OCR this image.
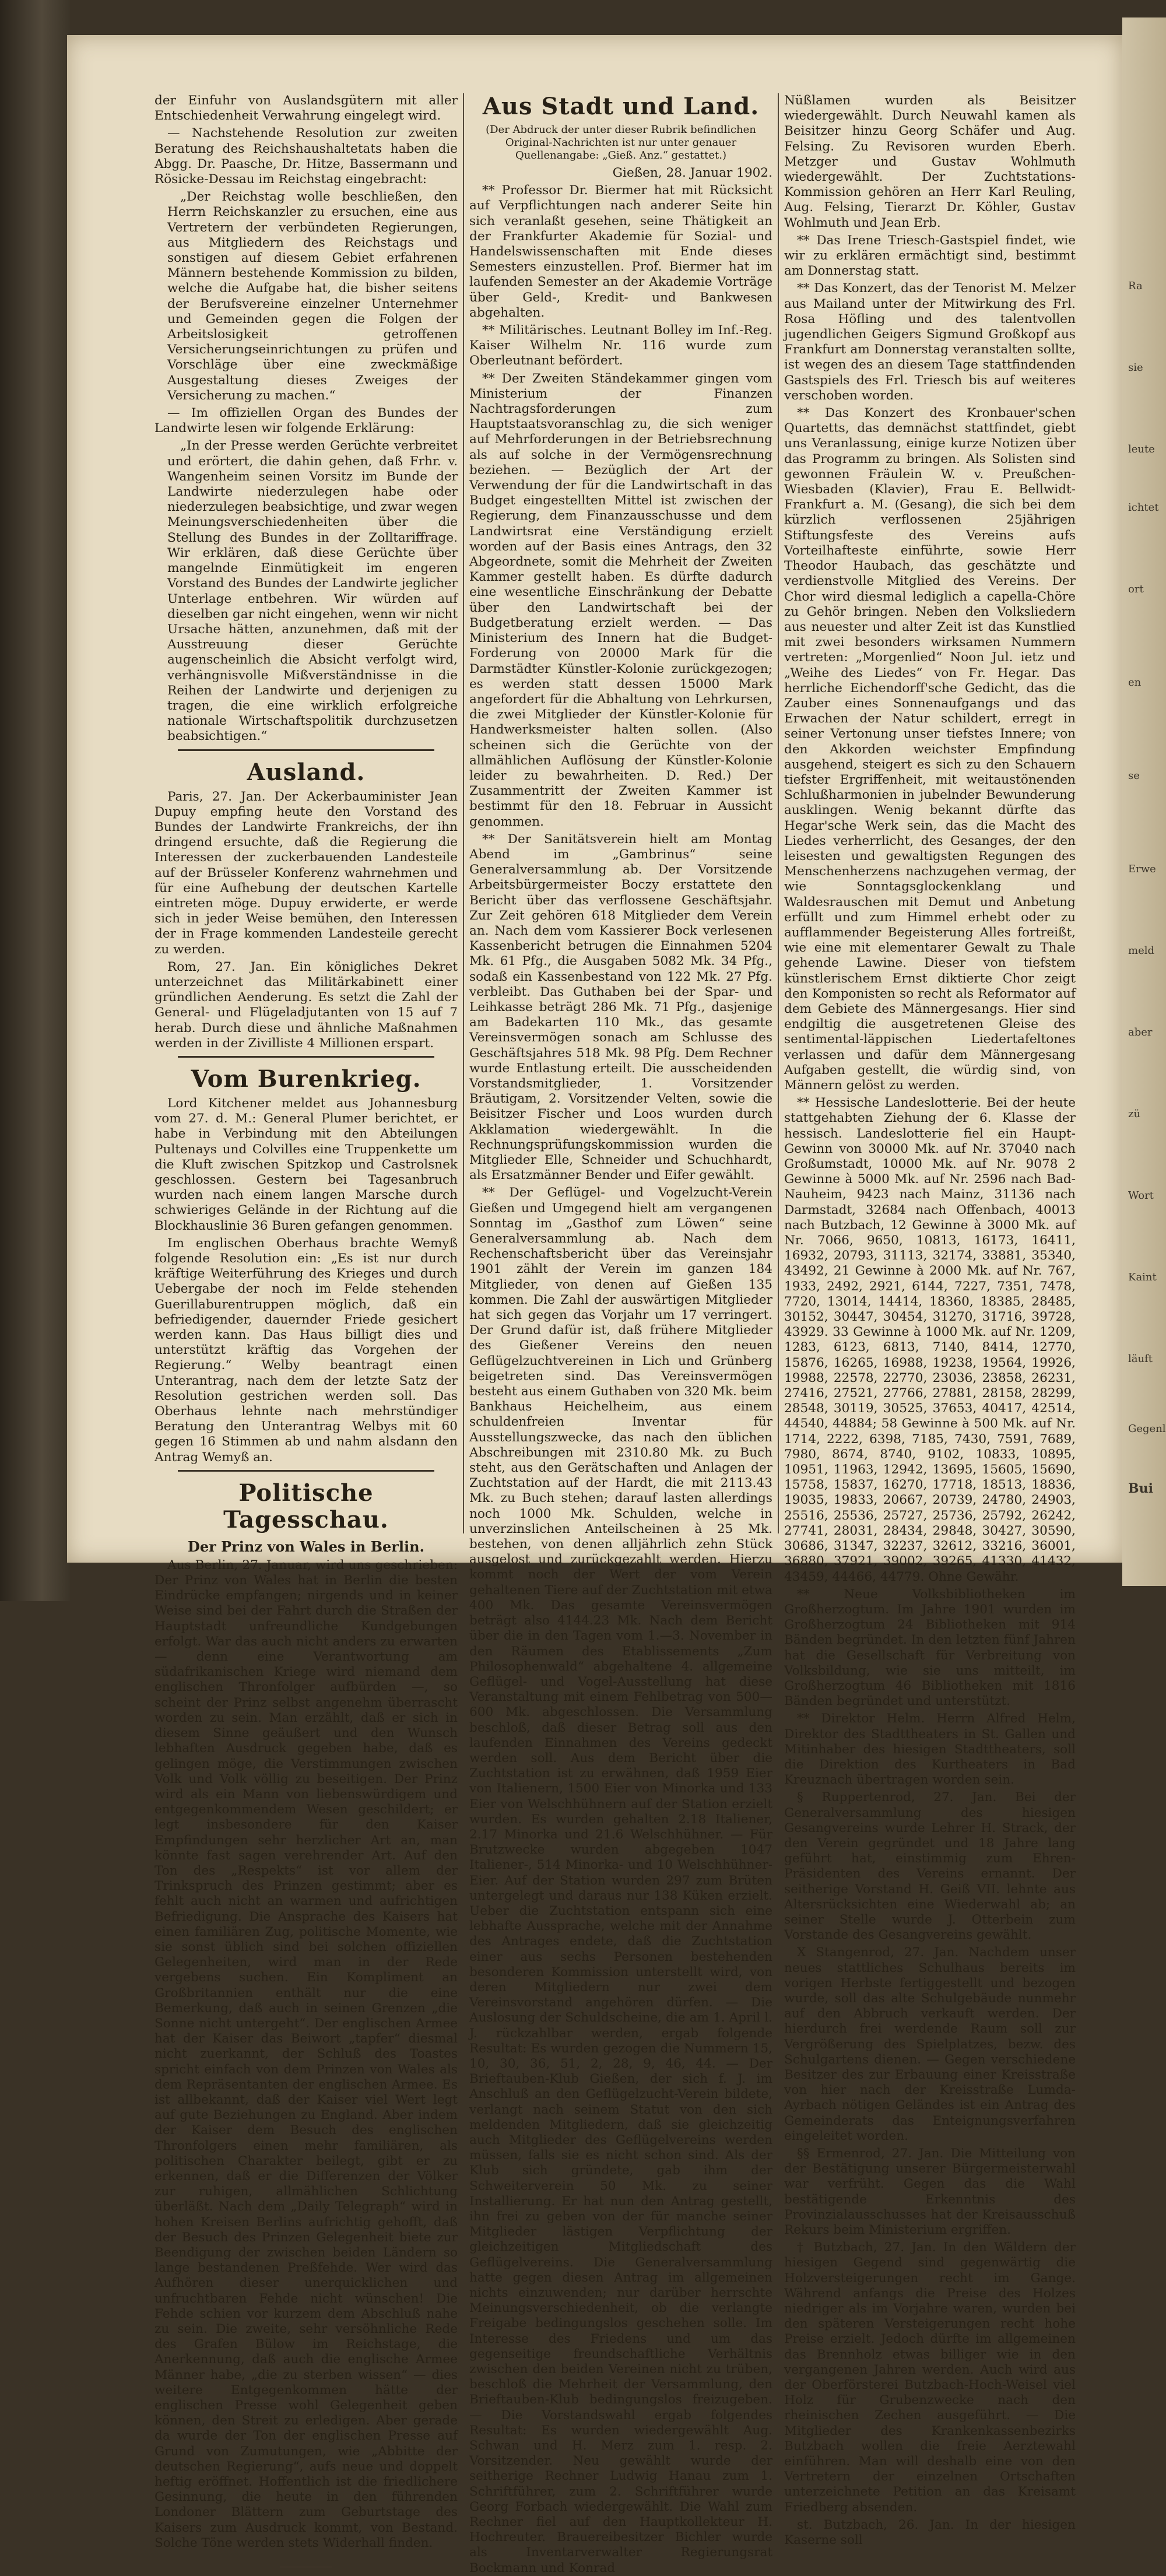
der Einfuhr von Auslandsgütern mit aller Entschiedenheit Verwahrung eingelegt wird.

— Nachstehende Resolution zur zweiten Beratung des Reichshaushaltetats haben die Abgg. Dr. Paasche, Dr. Hitze, Bassermann und Rösicke-Dessau im Reichstag eingebracht:

„Der Reichstag wolle beschließen, den Herrn Reichskanzler zu ersuchen, eine aus Vertretern der verbündeten Regierungen, aus Mitgliedern des Reichstags und sonstigen auf diesem Gebiet erfahrenen Männern bestehende Kommission zu bilden, welche die Aufgabe hat, die bisher seitens der Berufsvereine einzelner Unternehmer und Gemeinden gegen die Folgen der Arbeitslosigkeit getroffenen Versicherungseinrichtungen zu prüfen und Vorschläge über eine zweckmäßige Ausgestaltung dieses Zweiges der Versicherung zu machen.“

— Im offiziellen Organ des Bundes der Landwirte lesen wir folgende Erklärung:

„In der Presse werden Gerüchte verbreitet und erörtert, die dahin gehen, daß Frhr. v. Wangenheim seinen Vorsitz im Bunde der Landwirte niederzulegen habe oder niederzulegen beabsichtige, und zwar wegen Meinungsverschiedenheiten über die Stellung des Bundes in der Zolltariffrage. Wir erklären, daß diese Gerüchte über mangelnde Einmütigkeit im engeren Vorstand des Bundes der Landwirte jeglicher Unterlage entbehren. Wir würden auf dieselben gar nicht eingehen, wenn wir nicht Ursache hätten, anzunehmen, daß mit der Ausstreuung dieser Gerüchte augenscheinlich die Absicht verfolgt wird, verhängnisvolle Mißverständnisse in die Reihen der Landwirte und derjenigen zu tragen, die eine wirklich erfolgreiche nationale Wirtschaftspolitik durchzusetzen beabsichtigen.“

Ausland.

Paris, 27. Jan. Der Ackerbauminister Jean Dupuy empfing heute den Vorstand des Bundes der Landwirte Frankreichs, der ihn dringend ersuchte, daß die Regierung die Interessen der zuckerbauenden Landesteile auf der Brüsseler Konferenz wahrnehmen und für eine Aufhebung der deutschen Kartelle eintreten möge. Dupuy erwiderte, er werde sich in jeder Weise bemühen, den Interessen der in Frage kommenden Landesteile gerecht zu werden.

Rom, 27. Jan. Ein königliches Dekret unterzeichnet das Militärkabinett einer gründlichen Aenderung. Es setzt die Zahl der General- und Flügeladjutanten von 15 auf 7 herab. Durch diese und ähnliche Maßnahmen werden in der Zivilliste 4 Millionen erspart.

Vom Burenkrieg.

Lord Kitchener meldet aus Johannesburg vom 27. d. M.: General Plumer berichtet, er habe in Verbindung mit den Abteilungen Pultenays und Colvilles eine Truppenkette um die Kluft zwischen Spitzkop und Castrolsnek geschlossen. Gestern bei Tagesanbruch wurden nach einem langen Marsche durch schwieriges Gelände in der Richtung auf die Blockhauslinie 36 Buren gefangen genommen.

Im englischen Oberhaus brachte Wemyß folgende Resolution ein: „Es ist nur durch kräftige Weiterführung des Krieges und durch Uebergabe der noch im Felde stehenden Guerillaburentruppen möglich, daß ein befriedigender, dauernder Friede gesichert werden kann. Das Haus billigt dies und unterstützt kräftig das Vorgehen der Regierung.“ Welby beantragt einen Unterantrag, nach dem der letzte Satz der Resolution gestrichen werden soll. Das Oberhaus lehnte nach mehrstündiger Beratung den Unterantrag Welbys mit 60 gegen 16 Stimmen ab und nahm alsdann den Antrag Wemyß an.

Politische Tagesschau.
Der Prinz von Wales in Berlin.

Aus Berlin, 27. Januar, wird uns geschrieben: Der Prinz von Wales hat in Berlin die besten Eindrücke empfangen; nirgends und in keiner Weise sind bei der Fahrt durch die Straßen der Hauptstadt unfreundliche Kundgebungen erfolgt. War das auch nicht anders zu erwarten — denn eine Verantwortung am südafrikanischen Kriege wird niemand dem englischen Thronfolger aufbürden —, so scheint der Prinz selbst angenehm überrascht worden zu sein. Man erzählt, daß er sich in diesem Sinne geäußert und den Wunsch lebhaften Ausdruck gegeben habe, daß es gelingen möge, die Verstimmungen zwischen Volk und Volk völlig zu beseitigen. Der Prinz wird als ein Mann von liebenswürdigem und entgegenkommendem Wesen geschildert; er legt insbesondere für den Kaiser Empfindungen sehr herzlicher Art an, man könnte fast sagen verehrender Art. Auf den Ton des „Respekts“ ist vor allem der Trinkspruch des Prinzen gestimmt; aber es fehlt auch nicht an warmen und aufrichtigen Befriedigung. Die Ansprache des Kaisers hat einen familiären Zug, politische Momente, wie sie sonst üblich sind bei solchen offiziellen Gelegenheiten, wird man in der Rede vergebens suchen. Ein Kompliment an Großbritannien enthält nur die eine Bemerkung, daß auch in seinen Grenzen „die Sonne nicht untergeht“. Der englischen Armee hat der Kaiser das Beiwort „tapfer“ diesmal nicht zuerkannt, der Schluß des Toastes spricht einfach von dem Prinzen von Wales als dem Repräsentanten der englischen Armee. Es ist allbekannt, daß der Kaiser viel Wert legt auf gute Beziehungen zu England. Aber indem der Kaiser dem Besuch des englischen Thronfolgers einen mehr familiären, als politischen Charakter beilegt, gibt er zu erkennen, daß er die Differenzen der Völker zur ruhigen, allmählichen Schlichtung überläßt. Nach dem „Daily Telegraph“ wird in hohen Kreisen Berlins aufrichtig gehofft, daß der Besuch des Prinzen Gelegenheit biete zur Beendigung der zwischen beiden Ländern so lange bestandenen Preßfehde. Wer wird das Aufhören dieser unerquicklichen und unfruchtbaren Fehde nicht wünschen! Die Fehde schien vor kurzem dem Abschluß nahe zu sein. Die zweite, sehr versöhnliche Rede des Grafen Bülow im Reichstage, die Anerkennung, daß auch die englische Armee Männer habe, „die zu sterben wissen“ — dies weitere Entgegenkommen hätte der englischen Presse wohl Gelegenheit geben können, den Streit zu erledigen. Aber gerade da wurde der Ton der englischen Presse auf Grund von Zumutungen, wie „Abbitte der deutschen Regierung“, aufs neue und doppelt heftig eröffnet. Hoffentlich ist die friedlichere Gesinnung, die heute in den führenden Londoner Blättern zum Geburtstage des Kaisers zum Ausdruck kommt, von Bestand. Solche Töne werden stets Widerhall finden.

Aus Stadt und Land.
(Der Abdruck der unter dieser Rubrik befindlichen Original-Nachrichten ist nur unter genauer Quellenangabe: „Gieß. Anz.“ gestattet.)

Gießen, 28. Januar 1902.

** Professor Dr. Biermer hat mit Rücksicht auf Verpflichtungen nach anderer Seite hin sich veranlaßt gesehen, seine Thätigkeit an der Frankfurter Akademie für Sozial- und Handelswissenschaften mit Ende dieses Semesters einzustellen. Prof. Biermer hat im laufenden Semester an der Akademie Vorträge über Geld-, Kredit- und Bankwesen abgehalten.

** Militärisches. Leutnant Bolley im Inf.-Reg. Kaiser Wilhelm Nr. 116 wurde zum Oberleutnant befördert.

** Der Zweiten Ständekammer gingen vom Ministerium der Finanzen Nachtragsforderungen zum Hauptstaatsvoranschlag zu, die sich weniger auf Mehrforderungen in der Betriebsrechnung als auf solche in der Vermögensrechnung beziehen. — Bezüglich der Art der Verwendung der für die Landwirtschaft in das Budget eingestellten Mittel ist zwischen der Regierung, dem Finanzausschusse und dem Landwirtsrat eine Verständigung erzielt worden auf der Basis eines Antrags, den 32 Abgeordnete, somit die Mehrheit der Zweiten Kammer gestellt haben. Es dürfte dadurch eine wesentliche Einschränkung der Debatte über den Landwirtschaft bei der Budgetberatung erzielt werden. — Das Ministerium des Innern hat die Budget-Forderung von 20000 Mark für die Darmstädter Künstler-Kolonie zurückgezogen; es werden statt dessen 15000 Mark angefordert für die Abhaltung von Lehrkursen, die zwei Mitglieder der Künstler-Kolonie für Handwerksmeister halten sollen. (Also scheinen sich die Gerüchte von der allmählichen Auflösung der Künstler-Kolonie leider zu bewahrheiten. D. Red.) Der Zusammentritt der Zweiten Kammer ist bestimmt für den 18. Februar in Aussicht genommen.

** Der Sanitätsverein hielt am Montag Abend im „Gambrinus“ seine Generalversammlung ab. Der Vorsitzende Arbeitsbürgermeister Boczy erstattete den Bericht über das verflossene Geschäftsjahr. Zur Zeit gehören 618 Mitglieder dem Verein an. Nach dem vom Kassierer Bock verlesenen Kassenbericht betrugen die Einnahmen 5204 Mk. 61 Pfg., die Ausgaben 5082 Mk. 34 Pfg., sodaß ein Kassenbestand von 122 Mk. 27 Pfg. verbleibt. Das Guthaben bei der Spar- und Leihkasse beträgt 286 Mk. 71 Pfg., dasjenige am Badekarten 110 Mk., das gesamte Vereinsvermögen sonach am Schlusse des Geschäftsjahres 518 Mk. 98 Pfg. Dem Rechner wurde Entlastung erteilt. Die ausscheidenden Vorstandsmitglieder, 1. Vorsitzender Bräutigam, 2. Vorsitzender Velten, sowie die Beisitzer Fischer und Loos wurden durch Akklamation wiedergewählt. In die Rechnungsprüfungskommission wurden die Mitglieder Elle, Schneider und Schuchhardt, als Ersatzmänner Bender und Eifer gewählt.

** Der Geflügel- und Vogelzucht-Verein Gießen und Umgegend hielt am vergangenen Sonntag im „Gasthof zum Löwen“ seine Generalversammlung ab. Nach dem Rechenschaftsbericht über das Vereinsjahr 1901 zählt der Verein im ganzen 184 Mitglieder, von denen auf Gießen 135 kommen. Die Zahl der auswärtigen Mitglieder hat sich gegen das Vorjahr um 17 verringert. Der Grund dafür ist, daß frühere Mitglieder des Gießener Vereins den neuen Geflügelzuchtvereinen in Lich und Grünberg beigetreten sind. Das Vereinsvermögen besteht aus einem Guthaben von 320 Mk. beim Bankhaus Heichelheim, aus einem schuldenfreien Inventar für Ausstellungszwecke, das nach den üblichen Abschreibungen mit 2310.80 Mk. zu Buch steht, aus den Gerätschaften und Anlagen der Zuchtstation auf der Hardt, die mit 2113.43 Mk. zu Buch stehen; darauf lasten allerdings noch 1000 Mk. Schulden, welche in unverzinslichen Anteilscheinen à 25 Mk. bestehen, von denen alljährlich zehn Stück ausgelost und zurückgezahlt werden. Hierzu kommt noch der Wert der vom Verein gehaltenen Tiere auf der Zuchtstation mit etwa 400 Mk. Das gesamte Vereinsvermögen beträgt also 4144.23 Mk. Nach dem Bericht über die in den Tagen vom 1.—3. November in den Räumen des Etablissements „Zum Philosophenwald“ abgehaltene 4. allgemeine Geflügel- und Vogel-Ausstellung hat diese Veranstaltung mit einem Fehlbetrag von 500—600 Mk. abgeschlossen. Die Versammlung beschloß, daß dieser Betrag soll aus den laufenden Einnahmen des Vereins gedeckt werden soll. Aus dem Bericht über die Zuchtstation ist zu erwähnen, daß 1959 Eier von Italienern, 1500 Eier von Minorka und 133 Eier von Welschhühnern auf der Station erzielt wurden. Es wurden gehalten 2.18 Italiener, 2.17 Minorka und 21.6 Welschhühner. — Für Brutzwecke wurden abgegeben 1047 Italiener-, 514 Minorka- und 10 Welschhühner-Eier. Auf der Station wurden 297 zum Brüten untergelegt und daraus nur 138 Küken erzielt. Ueber die Zuchtstation entspann sich eine lebhafte Aussprache, welche mit der Annahme des Antrages endete, daß die Zuchtstation einer aus sechs Personen bestehenden besonderen Kommission unterstellt wird, von deren Mitgliedern nur zwei dem Vereinsvorstand angehören dürfen. — Die Auslosung der Schuldscheine, die am 1. April l. J. rückzahlbar werden, ergab folgende Resultat: Es wurden gezogen die Nummern 15, 10, 30, 36, 51, 2, 28, 9, 46, 44. — Der Brieftauben-Klub Gießen, der sich f. J. im Anschluß an den Geflügelzucht-Verein bildete, verlangt nach seinem Statut von den sich meldenden Mitgliedern, daß sie gleichzeitig auch Mitglieder des Geflügelvereins werden müssen, falls sie es nicht schon sind. Als der Klub sich gründete, gab ihm der Schweiterverein 50 Mk. zu seiner Installierung. Er hat nun den Antrag gestellt, ihn frei zu geben von der für manche seiner Mitglieder lästigen Verpflichtung der gleichzeitigen Mitgliedschaft des Geflügelvereins. Die Generalversammlung hatte gegen diesen Antrag im allgemeinen nichts einzuwenden; nur darüber herrschte Meinungsverschiedenheit, ob die verlangte Freigabe bedingungslos geschehen solle. Im Interesse des Friedens und um das gegenseitige freundschaftliche Verhältnis zwischen den beiden Vereinen nicht zu trüben, beschloß die Mehrheit der Versammlung, den Brieftauben-Klub bedingungslos freizugeben. — Die Vorstandswahl ergab folgendes Resultat: Es wurden wiedergewählt Aug. Schwan und H. Merz zum 1. resp. 2. Vorsitzender. Neu gewählt wurde der seitherige Rechner Ludwig Hanau zum 1. Schriftführer, zum 2. Schriftführer wurde Georg Forbach wiedergewählt. Die Wahl zum Rechner fiel auf den Hauptkollekteur H. Hochreuter. Brauereibesitzer Bichler wurde als Inventarverwalter Regierungsrat Bockmann und Konrad

Nüßlamen wurden als Beisitzer wiedergewählt. Durch Neuwahl kamen als Beisitzer hinzu Georg Schäfer und Aug. Felsing. Zu Revisoren wurden Eberh. Metzger und Gustav Wohlmuth wiedergewählt. Der Zuchtstations-Kommission gehören an Herr Karl Reuling, Aug. Felsing, Tierarzt Dr. Köhler, Gustav Wohlmuth und Jean Erb.

** Das Irene Triesch-Gastspiel findet, wie wir zu erklären ermächtigt sind, bestimmt am Donnerstag statt.

** Das Konzert, das der Tenorist M. Melzer aus Mailand unter der Mitwirkung des Frl. Rosa Höfling und des talentvollen jugendlichen Geigers Sigmund Großkopf aus Frankfurt am Donnerstag veranstalten sollte, ist wegen des an diesem Tage stattfindenden Gastspiels des Frl. Triesch bis auf weiteres verschoben worden.

** Das Konzert des Kronbauer'schen Quartetts, das demnächst stattfindet, giebt uns Veranlassung, einige kurze Notizen über das Programm zu bringen. Als Solisten sind gewonnen Fräulein W. v. Preußchen-Wiesbaden (Klavier), Frau E. Bellwidt-Frankfurt a. M. (Gesang), die sich bei dem kürzlich verflossenen 25jährigen Stiftungsfeste des Vereins aufs Vorteilhafteste einführte, sowie Herr Theodor Haubach, das geschätzte und verdienstvolle Mitglied des Vereins. Der Chor wird diesmal lediglich a capella-Chöre zu Gehör bringen. Neben den Volksliedern aus neuester und alter Zeit ist das Kunstlied mit zwei besonders wirksamen Nummern vertreten: „Morgenlied“ Noon Jul. ietz und „Weihe des Liedes“ von Fr. Hegar. Das herrliche Eichendorff'sche Gedicht, das die Zauber eines Sonnenaufgangs und das Erwachen der Natur schildert, erregt in seiner Vertonung unser tiefstes Innere; von den Akkorden weichster Empfindung ausgehend, steigert es sich zu den Schauern tiefster Ergriffenheit, mit weitaustönenden Schlußharmonien in jubelnder Bewunderung ausklingen. Wenig bekannt dürfte das Hegar'sche Werk sein, das die Macht des Liedes verherrlicht, des Gesanges, der den leisesten und gewaltigsten Regungen des Menschenherzens nachzugehen vermag, der wie Sonntagsglockenklang und Waldesrauschen mit Demut und Anbetung erfüllt und zum Himmel erhebt oder zu aufflammender Begeisterung Alles fortreißt, wie eine mit elementarer Gewalt zu Thale gehende Lawine. Dieser von tiefstem künstlerischem Ernst diktierte Chor zeigt den Komponisten so recht als Reformator auf dem Gebiete des Männergesangs. Hier sind endgiltig die ausgetretenen Gleise des sentimental-läppischen Liedertafeltones verlassen und dafür dem Männergesang Aufgaben gestellt, die würdig sind, von Männern gelöst zu werden.

** Hessische Landeslotterie. Bei der heute stattgehabten Ziehung der 6. Klasse der hessisch. Landeslotterie fiel ein Haupt-Gewinn von 30000 Mk. auf Nr. 37040 nach Großumstadt, 10000 Mk. auf Nr. 9078 2 Gewinne à 5000 Mk. auf Nr. 2596 nach Bad-Nauheim, 9423 nach Mainz, 31136 nach Darmstadt, 32684 nach Offenbach, 40013 nach Butzbach, 12 Gewinne à 3000 Mk. auf Nr. 7066, 9650, 10813, 16173, 16411, 16932, 20793, 31113, 32174, 33881, 35340, 43492, 21 Gewinne à 2000 Mk. auf Nr. 767, 1933, 2492, 2921, 6144, 7227, 7351, 7478, 7720, 13014, 14414, 18360, 18385, 28485, 30152, 30447, 30454, 31270, 31716, 39728, 43929. 33 Gewinne à 1000 Mk. auf Nr. 1209, 1283, 6123, 6813, 7140, 8414, 12770, 15876, 16265, 16988, 19238, 19564, 19926, 19988, 22578, 22770, 23036, 23858, 26231, 27416, 27521, 27766, 27881, 28158, 28299, 28548, 30119, 30525, 37653, 40417, 42514, 44540, 44884; 58 Gewinne à 500 Mk. auf Nr. 1714, 2222, 6398, 7185, 7430, 7591, 7689, 7980, 8674, 8740, 9102, 10833, 10895, 10951, 11963, 12942, 13695, 15605, 15690, 15758, 15837, 16270, 17718, 18513, 18836, 19035, 19833, 20667, 20739, 24780, 24903, 25516, 25536, 25727, 25736, 25792, 26242, 27741, 28031, 28434, 29848, 30427, 30590, 30686, 31347, 32237, 32612, 33216, 36001, 36880, 37921, 39002, 39265, 41330, 41432, 43459, 44466, 44779. Ohne Gewähr.

** Neue Volksbibliotheken im Großherzogtum. Im Jahre 1901 wurden im Großherzogtum 24 Bibliotheken mit 914 Bänden begründet. In den letzten fünf Jahren hat die Gesellschaft für Verbreitung von Volksbildung, wie sie uns mitteilt, im Großherzogtum 46 Bibliotheken mit 1816 Bänden begründet und unterstützt.

** Direktor Helm. Herrn Alfred Helm, Direktor des Stadttheaters in St. Gallen und Mitinhaber des hiesigen Stadttheaters, soll die Direktion des Kurtheaters in Bad Kreuznach übertragen worden sein.

§ Ruppertenrod, 27. Jan. Bei der Generalversammlung des hiesigen Gesangvereins wurde Lehrer H. Strack, der den Verein gegründet und 18 Jahre lang geführt hat, einstimmig zum Ehren-Präsidenten des Vereins ernannt. Der seitherige Vorstand H. Geiß VII. lehnte aus Altersrücksichten eine Wiederwahl ab; an seiner Stelle wurde J. Otterbein zum Vorstande des Gesangvereins gewählt.

X Stangenrod, 27. Jan. Nachdem unser neues stattliches Schulhaus bereits im vorigen Herbste fertiggestellt und bezogen wurde, soll das alte Schulgebäude nunmehr auf den Abbruch verkauft werden. Der hierdurch frei werdende Raum soll zur Vergrößerung des Spielplatzes, bezw. des Schulgartens dienen. — Gegen verschiedene Besitzer des zur Erbauung einer Kreisstraße von hier nach der Kreisstraße Lumda-Ayrbach nötigen Geländes ist ein Antrag des Gemeinderats das Enteignungsverfahren eingeleitet worden.

§§ Ermenrod, 27. Jan. Die Mitteilung von der Bestätigung unserer Bürgermeisterwahl war verfrüht. Gegen das die Wahl bestätigende Erkenntnis des Provinzialausschusses hat der Kreisausschuß Rekurs beim Ministerium ergriffen.

† Butzbach, 27. Jan. In den Wäldern der hiesigen Gegend sind gegenwärtig die Holzversteigerungen recht im Gange. Während anfangs die Preise des Holzes niedriger als im Vorjahre waren, wurden bei den späteren Versteigerungen recht hohe Preise erzielt. Jedoch dürfte im allgemeinen das Brennholz etwas billiger wie in den vergangenen Jahren werden. Auch wird aus der Oberförsterei Butzbach-Hoch-Weisel viel Holz für Grubenzwecke nach den rheinischen Zechen ausgeführt. — Die Mitglieder des Krankenkassenbezirks Butzbach wollen die freie Aerztewahl einführen. Man will deshalb eine von den Vertretern der einzelnen Ortschaften unterzeichnete Petition an das Kreisamt Friedberg absenden.

st. Butzbach, 26. Jan. In der hiesigen Kaserne soll

Ra
sie
leute
ichtet
ort
en
se
Erwe
meld
aber
zü
Wort
Kaint
läuft
Gegenl
Bui
